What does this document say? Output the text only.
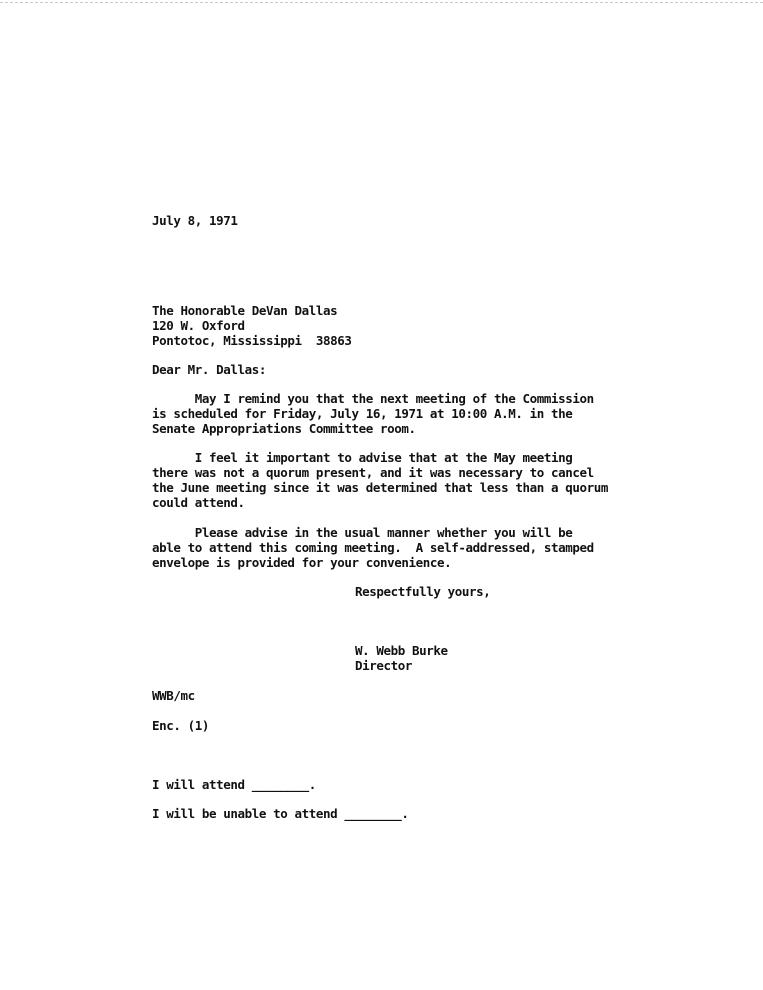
July 8, 1971
The Honorable DeVan Dallas
120 W. Oxford
Pontotoc, Mississippi  38863
Dear Mr. Dallas:
May I remind you that the next meeting of the Commission
is scheduled for Friday, July 16, 1971 at 10:00 A.M. in the
Senate Appropriations Committee room.
I feel it important to advise that at the May meeting
there was not a quorum present, and it was necessary to cancel
the June meeting since it was determined that less than a quorum
could attend.
Please advise in the usual manner whether you will be
able to attend this coming meeting.  A self-addressed, stamped
envelope is provided for your convenience.
Respectfully yours,
W. Webb Burke
Director
WWB/mc
Enc. (1)
I will attend ________.
I will be unable to attend ________.
